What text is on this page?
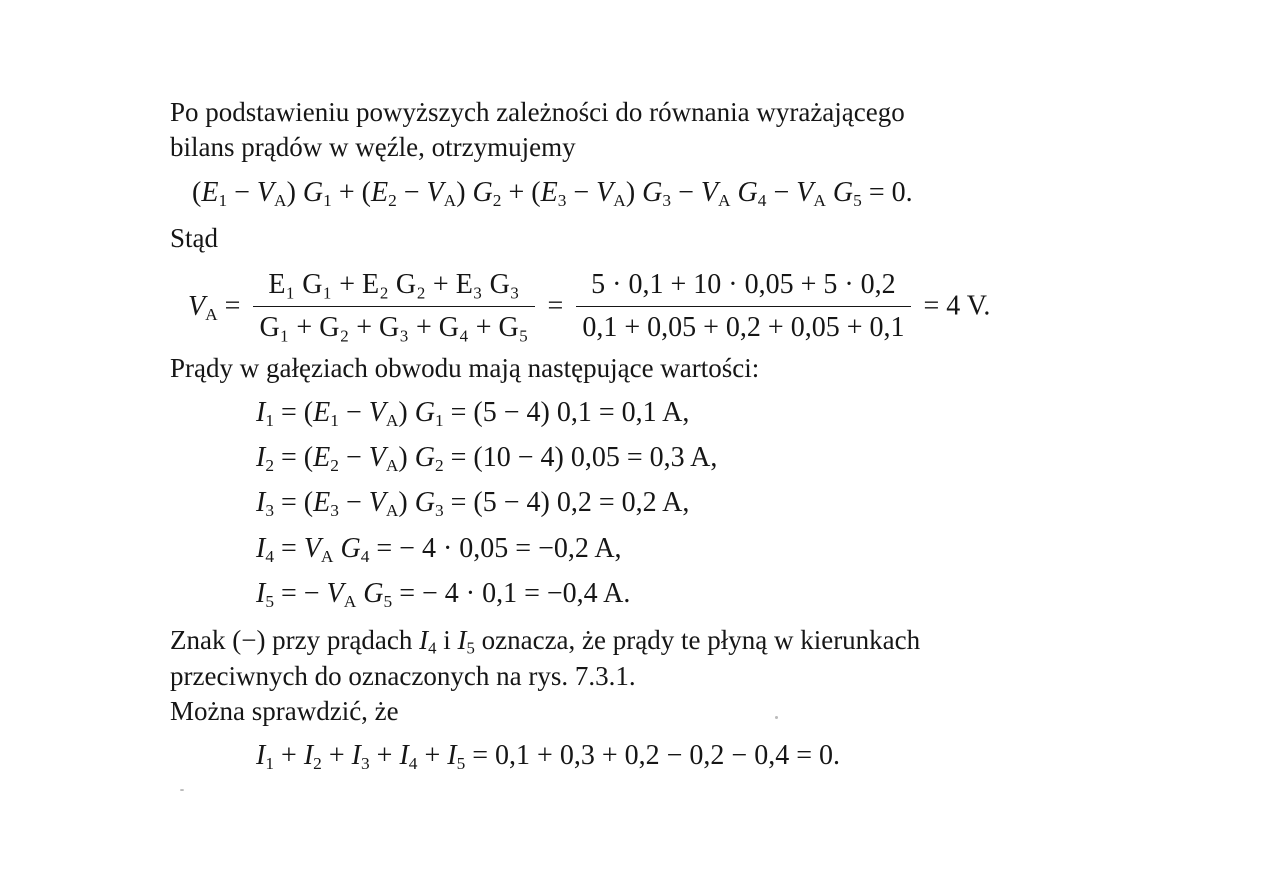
Po podstawieniu powyższych zależności do równania wyrażającego
bilans prądów w węźle, otrzymujemy
$(E_1 - V_A) G_1 + (E_2 - V_A) G_2 + (E_3 - V_A) G_3 - V_A$ $G_4 - V_A$ $G_5 = 0$.
Stąd
$V_A = \frac{\text{E₁ G₁ + E₂ G₂ + E₃ G₃}}{\text{G₁ + G₂ + G₃ + G₄ + G₅}} = \frac{5 \cdot 0,1 + 10 \cdot 0,05 + 5 \cdot 0,2}{0,1 + 0,05 + 0,2 + 0,05 + 0,1} = 4$ V.
Prądy w gałęziach obwodu mają następujące wartości:
$I_1 = (E_1 - V_A) G_1 = (5 - 4) 0,1 = 0,1$ A,
$I_2 = (E_2 - V_A) G_2 = (10 - 4) 0,05 = 0,3$ A,
$I_3 = (E_3 - V_A) G_3 = (5 - 4) 0,2 = 0,2$ A,
$I_4 = V_A$ $G_4$ = − 4 · 0,05 = −0,2 A,
$I_5$ = − $V_A$ $G_5$ = − 4 · 0,1 = −0,4 A.
Znak (−) przy prądach $I_4$ i $I_5$ oznacza, że prądy te płyną w kierunkach
przeciwnych do oznaczonych na rys. 7.3.1.
Można sprawdzić, że
$I_1 + I_2 + I_3 + I_4 + I_5 = 0,1 + 0,3 + 0,2 - 0,2 - 0,4 = 0$.
